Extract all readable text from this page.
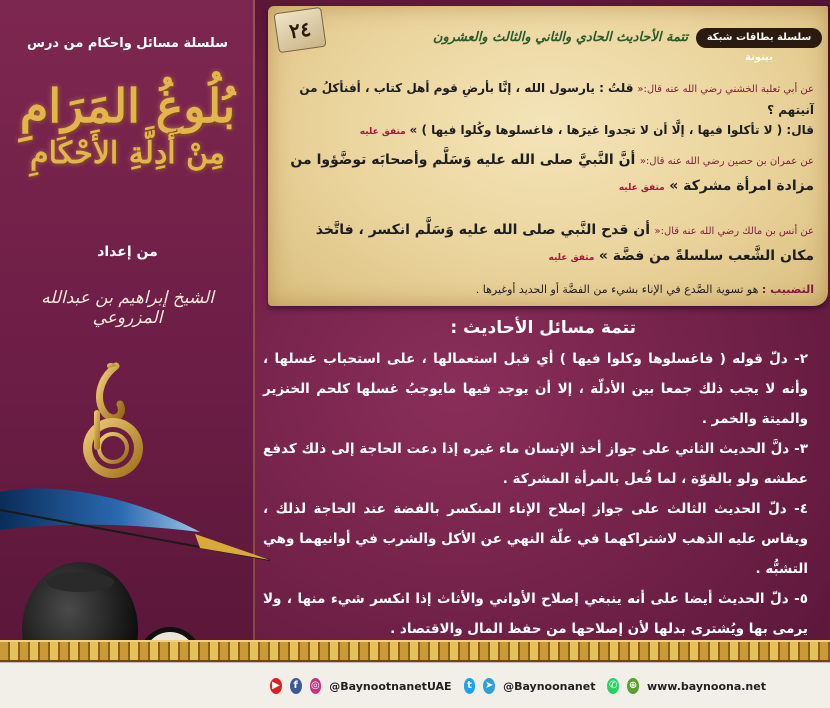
سلسلة مسائل واحكام من درس
بُلُوغُ المَرَامِ
مِنْ أَدِلَّةِ الأَحْكَامِ
من إعداد
الشيخ إبراهيم بن عبدالله المزروعي
٢٤	سلسلة بطاقات شبكة بينونة
تتمة الأحاديث الحادي والثاني والثالث والعشرون
عن أبي ثعلبة الخشني رضي الله عنه قال:« قلتُ : يارسول الله ، إنَّا بأرضِ قوم أهل كتاب ، أفنأكلُ من آنيتهم ؟
قال: ( لا تأكلوا فيها ، إلَّا أن لا تجدوا غيرَها ، فاغسلوها وكُلوا فيها ) » متفق عليه
عن عمران بن حصين رضي الله عنه قال:« أنَّ النَّبيَّ صلى الله عليه وَسَلَّم وأصحابَه توضَّؤوا من مزادة امرأة مشركة » متفق عليه
عن أنس بن مالك رضي الله عنه قال:« أن قدح النَّبي صلى الله عليه وَسَلَّم انكسر ، فاتَّخذ مكان الشَّعب سلسلةً من فضَّة » متفق عليه
التضبيب : هو تسوية الصَّدع في الإناء بشيء من الفضَّة أو الحديد أوغيرها .
تتمة مسائل الأحاديث :

٢- دلّ قوله ( فاغسلوها وكلوا فيها ) أي قبل استعمالها ، على استحباب غسلها ، وأنه لا يجب ذلك جمعا بين الأدلّة ، إلا أن يوجد فيها مايوجبُ غسلها كلحم الخنزير والميتة والخمر .

٣- دلَّ الحديث الثاني على جواز أخذ الإنسان ماء غيره إذا دعت الحاجة إلى ذلك كدفع عطشه ولو بالقوّة ، لما فُعل بالمرأة المشركة .

٤- دلّ الحديث الثالث على جواز إصلاح الإناء المنكسر بالفضة عند الحاجة لذلك ، ويقاس عليه الذهب لاشتراكهما في علّة النهي عن الأكل والشرب في أوانيهما وهي التشبُّه .

٥- دلّ الحديث أيضا على أنه ينبغي إصلاح الأواني والأثاث إذا انكسر شيء منها ، ولا يرمى بها ويُشترى بدلها لأن إصلاحها من حفظ المال والاقتصاد .

▶	f	◎ @BaynootnanetUAE	t	➤ @Baynoonanet ✆ ⊕ www.baynoona.net
